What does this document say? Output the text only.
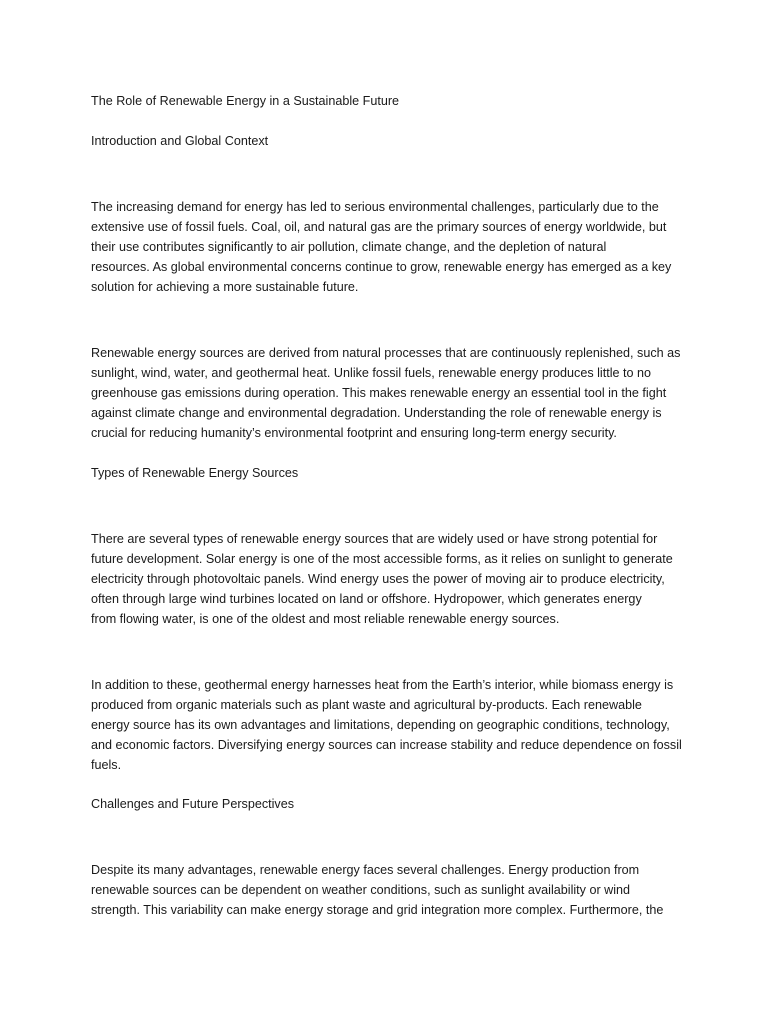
The Role of Renewable Energy in a Sustainable Future
Introduction and Global Context
The increasing demand for energy has led to serious environmental challenges, particularly due to the
extensive use of fossil fuels. Coal, oil, and natural gas are the primary sources of energy worldwide, but
their use contributes significantly to air pollution, climate change, and the depletion of natural
resources. As global environmental concerns continue to grow, renewable energy has emerged as a key
solution for achieving a more sustainable future.
Renewable energy sources are derived from natural processes that are continuously replenished, such as
sunlight, wind, water, and geothermal heat. Unlike fossil fuels, renewable energy produces little to no
greenhouse gas emissions during operation. This makes renewable energy an essential tool in the fight
against climate change and environmental degradation. Understanding the role of renewable energy is
crucial for reducing humanity’s environmental footprint and ensuring long-term energy security.
Types of Renewable Energy Sources
There are several types of renewable energy sources that are widely used or have strong potential for
future development. Solar energy is one of the most accessible forms, as it relies on sunlight to generate
electricity through photovoltaic panels. Wind energy uses the power of moving air to produce electricity,
often through large wind turbines located on land or offshore. Hydropower, which generates energy
from flowing water, is one of the oldest and most reliable renewable energy sources.
In addition to these, geothermal energy harnesses heat from the Earth’s interior, while biomass energy is
produced from organic materials such as plant waste and agricultural by-products. Each renewable
energy source has its own advantages and limitations, depending on geographic conditions, technology,
and economic factors. Diversifying energy sources can increase stability and reduce dependence on fossil
fuels.
Challenges and Future Perspectives
Despite its many advantages, renewable energy faces several challenges. Energy production from
renewable sources can be dependent on weather conditions, such as sunlight availability or wind
strength. This variability can make energy storage and grid integration more complex. Furthermore, the
